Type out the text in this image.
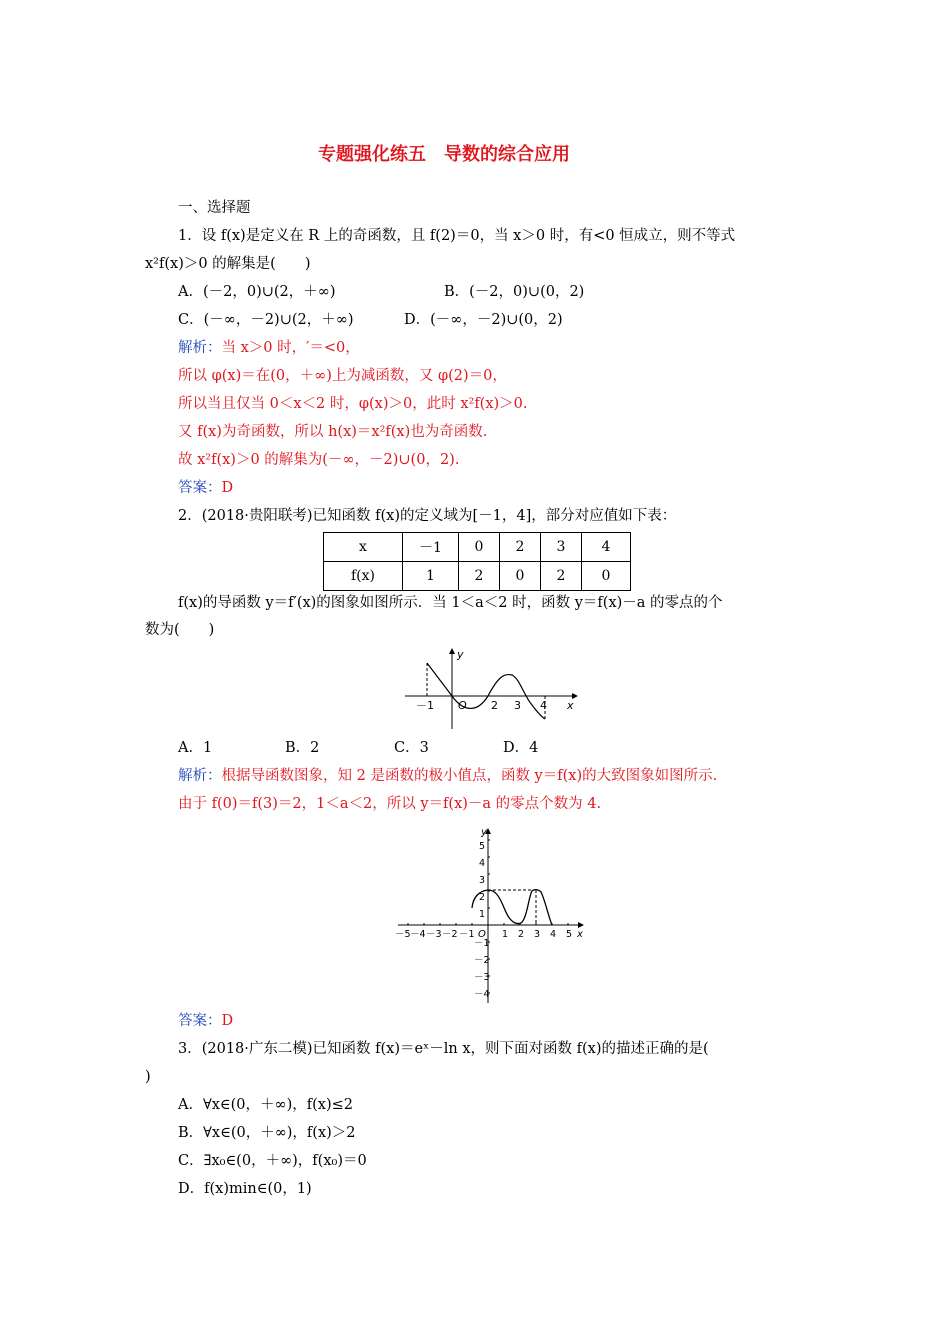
专题强化练五　导数的综合应用
一、选择题
1．设 f(x)是定义在 R 上的奇函数，且 f(2)＝0，当 x＞0 时，有<0 恒成立，则不等式
x²f(x)＞0 的解集是(　　)
A．(－2，0)∪(2，＋∞)	B．(－2，0)∪(0，2)
C．(－∞，－2)∪(2，＋∞)	D．(－∞，－2)∪(0，2)
解析：当 x＞0 时，′＝<0，
所以 φ(x)＝在(0，＋∞)上为减函数，又 φ(2)＝0，
所以当且仅当 0＜x＜2 时，φ(x)＞0，此时 x²f(x)＞0.
又 f(x)为奇函数，所以 h(x)＝x²f(x)也为奇函数.
故 x²f(x)＞0 的解集为(－∞，－2)∪(0，2).
答案：D
2．(2018·贵阳联考)已知函数 f(x)的定义域为[－1，4]，部分对应值如下表：
x	－1	0	2	3	4
f(x)	1	2	0	2	0
f(x)的导函数 y＝f′(x)的图象如图所示．当 1＜a＜2 时，函数 y＝f(x)－a 的零点的个
数为(　　)
y
x
－1 O 2 3 4
A．1	B．2	C．3	D．4
解析：根据导函数图象，知 2 是函数的极小值点，函数 y＝f(x)的大致图象如图所示.
由于 f(0)＝f(3)＝2，1＜a＜2，所以 y＝f(x)－a 的零点个数为 4.
y
x
O
－5 －4 －3 －2 －1	1 2 3 4 5
5
4
3
2
1
－1
－2
－3
－4
答案：D
3．(2018·广东二模)已知函数 f(x)＝eˣ－ln x，则下面对函数 f(x)的描述正确的是(
)
A．∀x∈(0，＋∞)，f(x)≤2
B．∀x∈(0，＋∞)，f(x)＞2
C．∃x₀∈(0，＋∞)，f(x₀)＝0
D．f(x)min∈(0，1)
